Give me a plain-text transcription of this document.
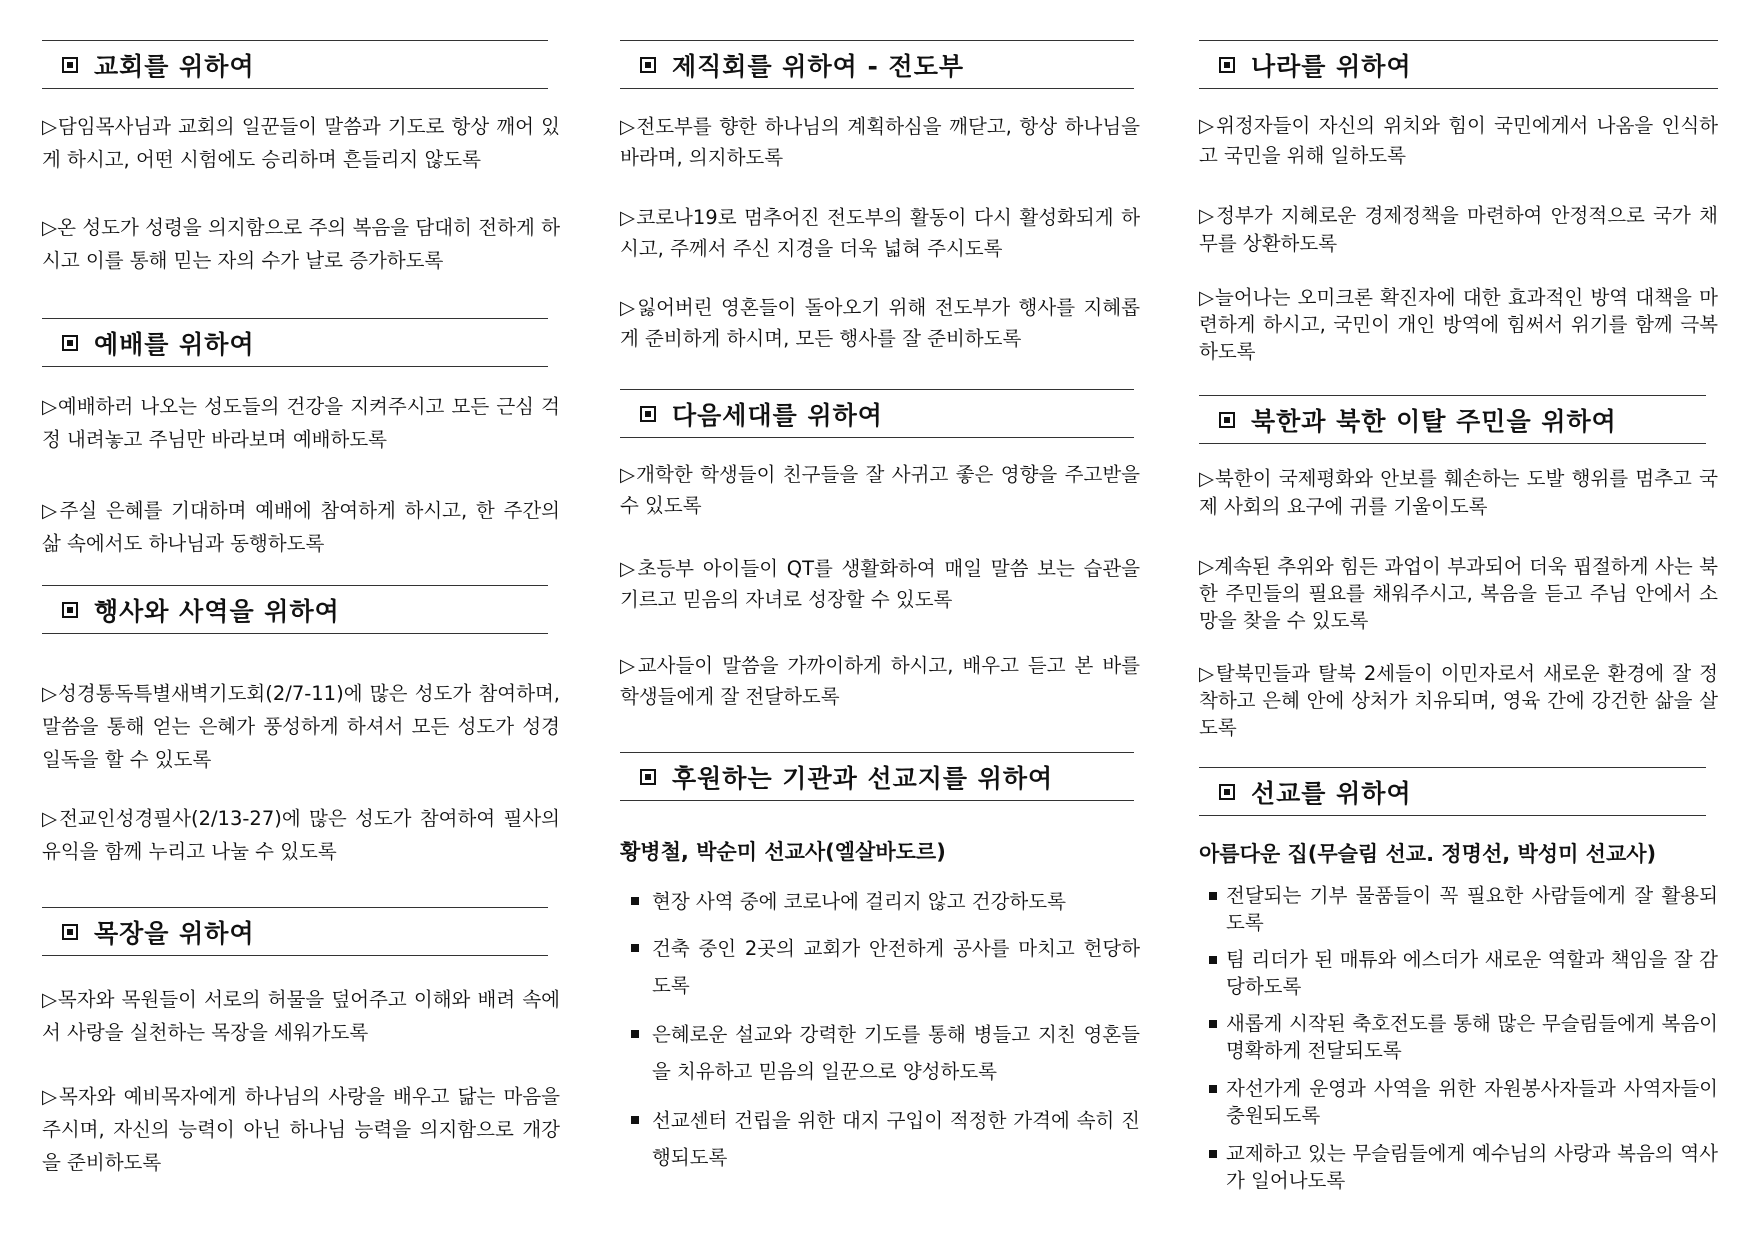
교회를 위하여
▷담임목사님과 교회의 일꾼들이 말씀과 기도로 항상 깨어 있게 하시고, 어떤 시험에도 승리하며 흔들리지 않도록
▷온 성도가 성령을 의지함으로 주의 복음을 담대히 전하게 하시고 이를 통해 믿는 자의 수가 날로 증가하도록
예배를 위하여
▷예배하러 나오는 성도들의 건강을 지켜주시고 모든 근심 걱정 내려놓고 주님만 바라보며 예배하도록
▷주실 은혜를 기대하며 예배에 참여하게 하시고, 한 주간의 삶 속에서도 하나님과 동행하도록
행사와 사역을 위하여
▷성경통독특별새벽기도회(2/7-11)에 많은 성도가 참여하며, 말씀을 통해 얻는 은혜가 풍성하게 하셔서 모든 성도가 성경 일독을 할 수 있도록
▷전교인성경필사(2/13-27)에 많은 성도가 참여하여 필사의 유익을 함께 누리고 나눌 수 있도록
목장을 위하여
▷목자와 목원들이 서로의 허물을 덮어주고 이해와 배려 속에서 사랑을 실천하는 목장을 세워가도록
▷목자와 예비목자에게 하나님의 사랑을 배우고 닮는 마음을 주시며, 자신의 능력이 아닌 하나님 능력을 의지함으로 개강을 준비하도록
제직회를 위하여 - 전도부
▷전도부를 향한 하나님의 계획하심을 깨닫고, 항상 하나님을 바라며, 의지하도록
▷코로나19로 멈추어진 전도부의 활동이 다시 활성화되게 하시고, 주께서 주신 지경을 더욱 넓혀 주시도록
▷잃어버린 영혼들이 돌아오기 위해 전도부가 행사를 지혜롭게 준비하게 하시며, 모든 행사를 잘 준비하도록
다음세대를 위하여
▷개학한 학생들이 친구들을 잘 사귀고 좋은 영향을 주고받을 수 있도록
▷초등부 아이들이 QT를 생활화하여 매일 말씀 보는 습관을 기르고 믿음의 자녀로 성장할 수 있도록
▷교사들이 말씀을 가까이하게 하시고, 배우고 듣고 본 바를 학생들에게 잘 전달하도록
후원하는 기관과 선교지를 위하여
황병철, 박순미 선교사(엘살바도르)
현장 사역 중에 코로나에 걸리지 않고 건강하도록
건축 중인 2곳의 교회가 안전하게 공사를 마치고 헌당하도록
은혜로운 설교와 강력한 기도를 통해 병들고 지친 영혼들을 치유하고 믿음의 일꾼으로 양성하도록
선교센터 건립을 위한 대지 구입이 적정한 가격에 속히 진행되도록
나라를 위하여
▷위정자들이 자신의 위치와 힘이 국민에게서 나옴을 인식하고 국민을 위해 일하도록
▷정부가 지혜로운 경제정책을 마련하여 안정적으로 국가 채무를 상환하도록
▷늘어나는 오미크론 확진자에 대한 효과적인 방역 대책을 마련하게 하시고, 국민이 개인 방역에 힘써서 위기를 함께 극복하도록
북한과 북한 이탈 주민을 위하여
▷북한이 국제평화와 안보를 훼손하는 도발 행위를 멈추고 국제 사회의 요구에 귀를 기울이도록
▷계속된 추위와 힘든 과업이 부과되어 더욱 핍절하게 사는 북한 주민들의 필요를 채워주시고, 복음을 듣고 주님 안에서 소망을 찾을 수 있도록
▷탈북민들과 탈북 2세들이 이민자로서 새로운 환경에 잘 정착하고 은혜 안에 상처가 치유되며, 영육 간에 강건한 삶을 살도록
선교를 위하여
아름다운 집(무슬림 선교. 정명선, 박성미 선교사)
전달되는 기부 물품들이 꼭 필요한 사람들에게 잘 활용되도록
팀 리더가 된 매튜와 에스더가 새로운 역할과 책임을 잘 감당하도록
새롭게 시작된 축호전도를 통해 많은 무슬림들에게 복음이 명확하게 전달되도록
자선가게 운영과 사역을 위한 자원봉사자들과 사역자들이 충원되도록
교제하고 있는 무슬림들에게 예수님의 사랑과 복음의 역사가 일어나도록
